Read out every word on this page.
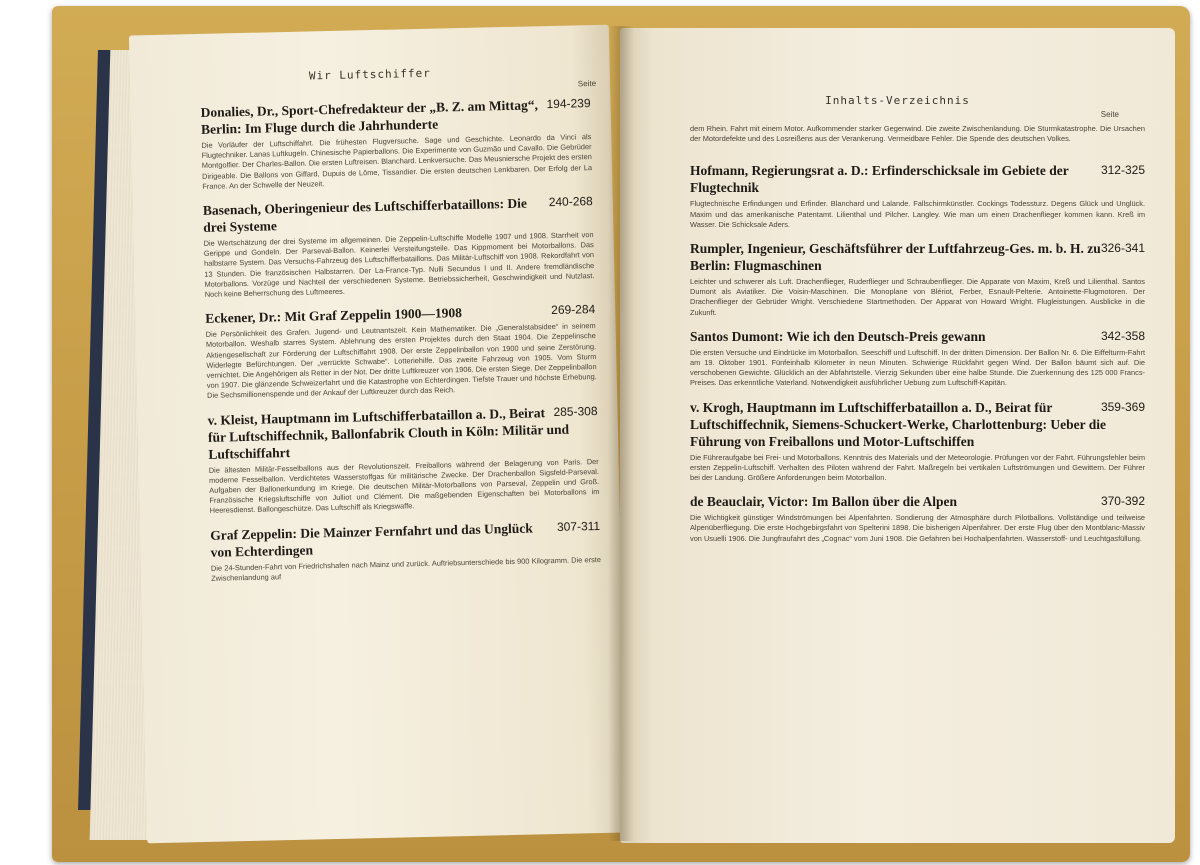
Wir Luftschiffer
Seite
194-239
Donalies, Dr., Sport-Chefredakteur der „B. Z. am Mittag“, Berlin: Im Fluge durch die Jahrhunderte
Die Vorläufer der Luftschiffahrt. Die frühesten Flugversuche. Sage und Geschichte. Leonardo da Vinci als Flugtechniker. Lanas Luftkugeln. Chinesische Papierballons. Die Experimente von Guzmão und Cavallo. Die Gebrüder Montgolfier. Der Charles-Ballon. Die ersten Luftreisen. Blanchard. Lenkversuche. Das Meusniersche Projekt des ersten Dirigeable. Die Ballons von Giffard, Dupuis de Lôme, Tissandier. Die ersten deutschen Lenkbaren. Der Erfolg der La France. An der Schwelle der Neuzeit.
240-268
Basenach, Oberingenieur des Luftschifferbataillons: Die drei Systeme
Die Wertschätzung der drei Systeme im allgemeinen. Die Zeppelin-Luftschiffe Modelle 1907 und 1908. Starrheit von Gerippe und Gondeln. Der Parseval-Ballon. Keinerlei Versteifungsteile. Das Kippmoment bei Motorballons. Das halbstarre System. Das Versuchs-Fahrzeug des Luftschifferbataillons. Das Militär-Luftschiff von 1908. Rekordfahrt von 13 Stunden. Die französischen Halbstarren. Der La-France-Typ. Nulli Secundus I und II. Andere fremdländische Motorballons. Vorzüge und Nachteil der verschiedenen Systeme. Betriebssicherheit, Geschwindigkeit und Nutzlast. Noch keine Beherrschung des Luftmeeres.
269-284
Eckener, Dr.: Mit Graf Zeppelin 1900—1908
Die Persönlichkeit des Grafen. Jugend- und Leutnantszeit. Kein Mathematiker. Die „Generalstabsidee“ in seinem Motorballon. Weshalb starres System. Ablehnung des ersten Projektes durch den Staat 1904. Die Zeppelinsche Aktiengesellschaft zur Förderung der Luftschiffahrt 1908. Der erste Zeppelinballon von 1900 und seine Zerstörung. Widerlegte Befürchtungen. Der „verrückte Schwabe“. Lotteriehilfe. Das zweite Fahrzeug von 1905. Vom Sturm vernichtet. Die Angehörigen als Retter in der Not. Der dritte Luftkreuzer von 1906. Die ersten Siege. Der Zeppelinballon von 1907. Die glänzende Schweizerfahrt und die Katastrophe von Echterdingen. Tiefste Trauer und höchste Erhebung. Die Sechsmillionenspende und der Ankauf der Luftkreuzer durch das Reich.
285-308
v. Kleist, Hauptmann im Luftschifferbataillon a. D., Beirat für Luftschiffechnik, Ballonfabrik Clouth in Köln: Militär und Luftschiffahrt
Die ältesten Militär-Fesselballons aus der Revolutionszeit. Freiballons während der Belagerung von Paris. Der moderne Fesselballon. Verdichtetes Wasserstoffgas für militärische Zwecke. Der Drachenballon Sigsfeld-Parseval. Aufgaben der Ballonerkundung im Kriege. Die deutschen Militär-Motorballons von Parseval, Zeppelin und Groß. Französische Kriegsluftschiffe von Julliot und Clément. Die maßgebenden Eigenschaften bei Motorballons im Heeresdienst. Ballongeschütze. Das Luftschiff als Kriegswaffe.
307-311
Graf Zeppelin: Die Mainzer Fernfahrt und das Unglück von Echterdingen
Die 24-Stunden-Fahrt von Friedrichshafen nach Mainz und zurück. Auftriebsunterschiede bis 900 Kilogramm. Die erste Zwischenlandung auf
Inhalts-Verzeichnis
Seite
dem Rhein. Fahrt mit einem Motor. Aufkommender starker Gegenwind. Die zweite Zwischenlandung. Die Sturmkatastrophe. Die Ursachen der Motordefekte und des Losreißens aus der Verankerung. Vermeidbare Fehler. Die Spende des deutschen Volkes.
312-325
Hofmann, Regierungsrat a. D.: Erfinderschicksale im Gebiete der Flugtechnik
Flugtechnische Erfindungen und Erfinder. Blanchard und Lalande. Fallschirmkünstler. Cockings Todessturz. Degens Glück und Unglück. Maxim und das amerikanische Patentamt. Lilienthal und Pilcher. Langley. Wie man um einen Drachenflieger kommen kann. Kreß im Wasser. Die Schicksale Aders.
326-341
Rumpler, Ingenieur, Geschäftsführer der Luftfahrzeug-Ges. m. b. H. zu Berlin: Flugmaschinen
Leichter und schwerer als Luft. Drachenflieger, Ruderflieger und Schraubenflieger. Die Apparate von Maxim, Kreß und Lilienthal. Santos Dumont als Aviatiker. Die Voisin-Maschinen. Die Monoplane von Blériot, Ferber, Esnault-Pelterie. Antoinette-Flugmotoren. Der Drachenflieger der Gebrüder Wright. Verschiedene Startmethoden. Der Apparat von Howard Wright. Flugleistungen. Ausblicke in die Zukunft.
342-358
Santos Dumont: Wie ich den Deutsch-Preis gewann
Die ersten Versuche und Eindrücke im Motorballon. Seeschiff und Luftschiff. In der dritten Dimension. Der Ballon Nr. 6. Die Eiffelturm-Fahrt am 19. Oktober 1901. Fünfeinhalb Kilometer in neun Minuten. Schwierige Rückfahrt gegen Wind. Der Ballon bäumt sich auf. Die verschobenen Gewichte. Glücklich an der Abfahrtstelle. Vierzig Sekunden über eine halbe Stunde. Die Zuerkennung des 125 000 Francs-Preises. Das erkenntliche Vaterland. Notwendigkeit ausführlicher Uebung zum Luftschiff-Kapitän.
359-369
v. Krogh, Hauptmann im Luftschifferbataillon a. D., Beirat für Luftschiffechnik, Siemens-Schuckert-Werke, Charlottenburg: Ueber die Führung von Freiballons und Motor-Luftschiffen
Die Führeraufgabe bei Frei- und Motorballons. Kenntnis des Materials und der Meteorologie. Prüfungen vor der Fahrt. Führungsfehler beim ersten Zeppelin-Luftschiff. Verhalten des Piloten während der Fahrt. Maßregeln bei vertikalen Luftströmungen und Gewittern. Der Führer bei der Landung. Größere Anforderungen beim Motorballon.
370-392
de Beauclair, Victor: Im Ballon über die Alpen
Die Wichtigkeit günstiger Windströmungen bei Alpenfahrten. Sondierung der Atmosphäre durch Pilotballons. Vollständige und teilweise Alpenüberfliegung. Die erste Hochgebirgsfahrt von Spelterini 1898. Die bisherigen Alpenfahrer. Der erste Flug über den Montblanc-Massiv von Usuelli 1906. Die Jungfraufahrt des „Cognac“ vom Juni 1908. Die Gefahren bei Hochalpenfahrten. Wasserstoff- und Leuchtgasfüllung.
